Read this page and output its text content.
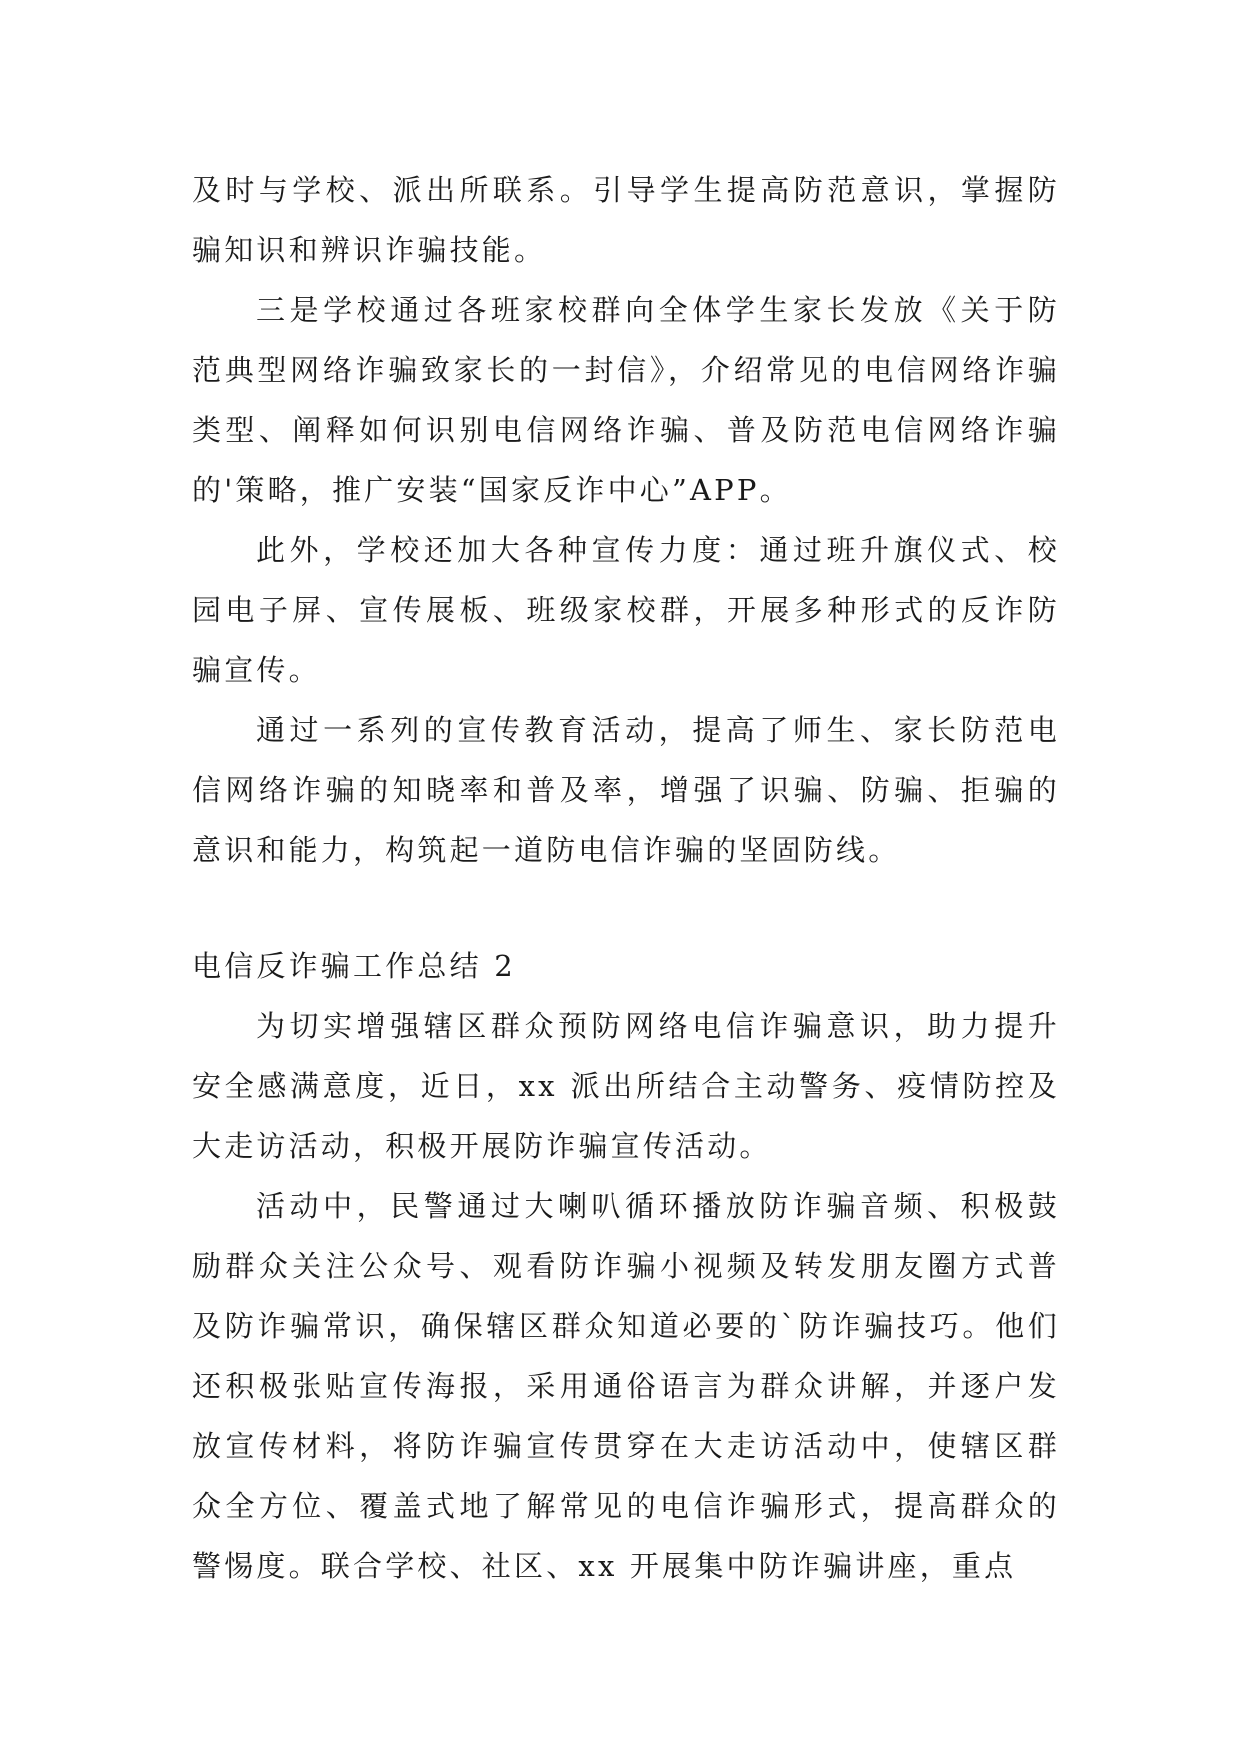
及时与学校、派出所联系。引导学生提高防范意识，掌握防骗知识和辨识诈骗技能。

三是学校通过各班家校群向全体学生家长发放《关于防范典型网络诈骗致家长的一封信》，介绍常见的电信网络诈骗类型、阐释如何识别电信网络诈骗、普及防范电信网络诈骗的'策略，推广安装“国家反诈中心”APP。

此外，学校还加大各种宣传力度：通过班升旗仪式、校园电子屏、宣传展板、班级家校群，开展多种形式的反诈防骗宣传。

通过一系列的宣传教育活动，提高了师生、家长防范电信网络诈骗的知晓率和普及率，增强了识骗、防骗、拒骗的意识和能力，构筑起一道防电信诈骗的坚固防线。

电信反诈骗工作总结 2

为切实增强辖区群众预防网络电信诈骗意识，助力提升安全感满意度，近日，xx 派出所结合主动警务、疫情防控及大走访活动，积极开展防诈骗宣传活动。

活动中，民警通过大喇叭循环播放防诈骗音频、积极鼓励群众关注公众号、观看防诈骗小视频及转发朋友圈方式普及防诈骗常识，确保辖区群众知道必要的`防诈骗技巧。他们还积极张贴宣传海报，采用通俗语言为群众讲解，并逐户发放宣传材料，将防诈骗宣传贯穿在大走访活动中，使辖区群众全方位、覆盖式地了解常见的电信诈骗形式，提高群众的警惕度。联合学校、社区、xx 开展集中防诈骗讲座，重点
